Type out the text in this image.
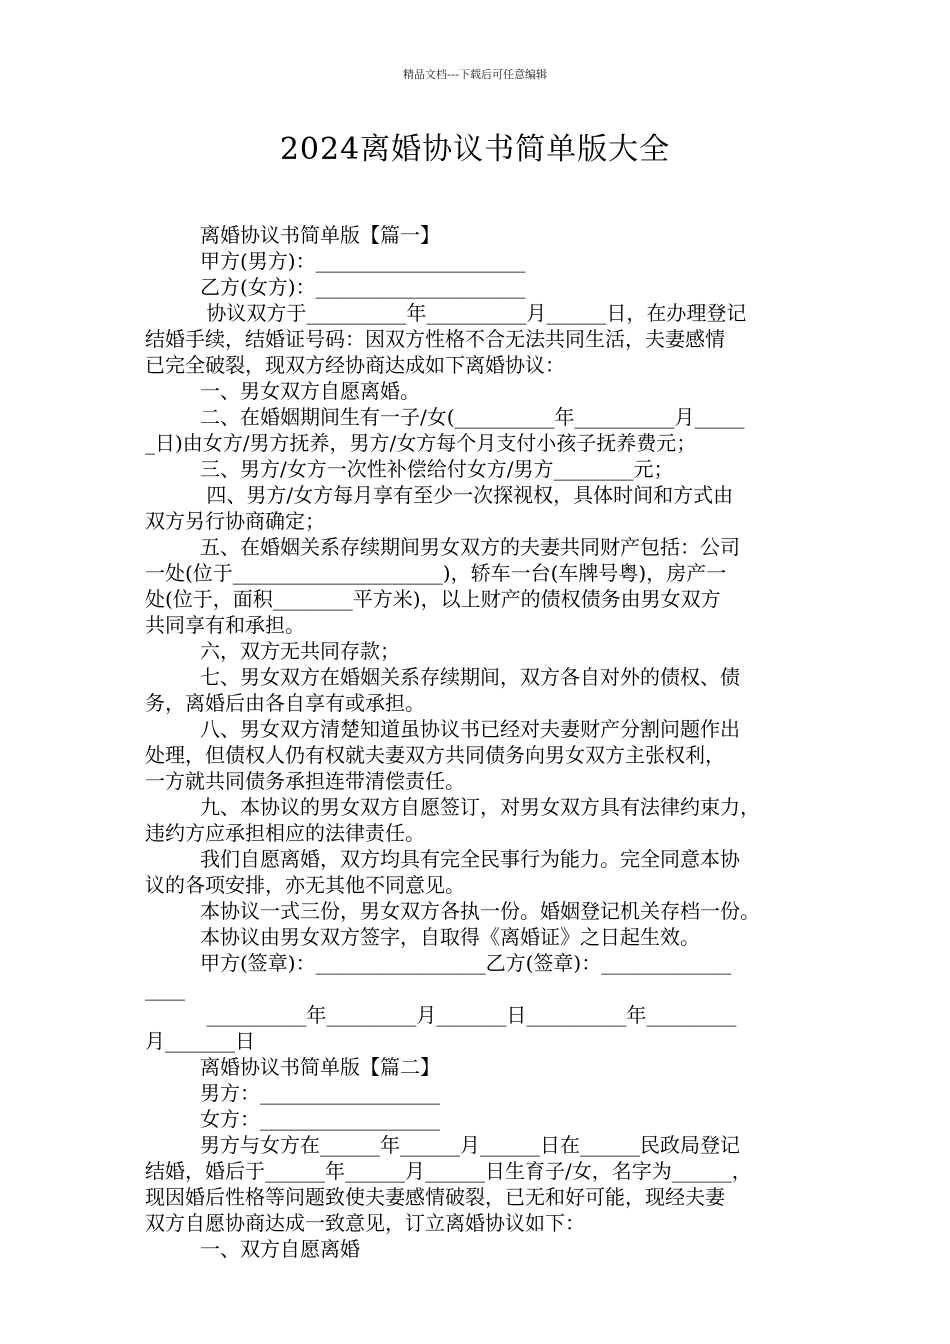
精品文档---下载后可任意编辑
2024离婚协议书简单版大全
离婚协议书简单版【篇一】
甲方(男方)：_____________________
乙方(女方)：_____________________
协议双方于__________年__________月______日，在办理登记
结婚手续，结婚证号码：因双方性格不合无法共同生活，夫妻感情
已完全破裂，现双方经协商达成如下离婚协议：
一、男女双方自愿离婚。
二、在婚姻期间生有一子/女(__________年__________月_____
_日)由女方/男方抚养，男方/女方每个月支付小孩子抚养费元；
三、男方/女方一次性补偿给付女方/男方________元；
四、男方/女方每月享有至少一次探视权，具体时间和方式由
双方另行协商确定；
五、在婚姻关系存续期间男女双方的夫妻共同财产包括：公司
一处(位于_____________________)，轿车一台(车牌号粤)，房产一
处(位于，面积________平方米)，以上财产的债权债务由男女双方
共同享有和承担。
六，双方无共同存款；
七、男女双方在婚姻关系存续期间，双方各自对外的债权、债
务，离婚后由各自享有或承担。
八、男女双方清楚知道虽协议书已经对夫妻财产分割问题作出
处理，但债权人仍有权就夫妻双方共同债务向男女双方主张权利，
一方就共同债务承担连带清偿责任。
九、本协议的男女双方自愿签订，对男女双方具有法律约束力，
违约方应承担相应的法律责任。
我们自愿离婚，双方均具有完全民事行为能力。完全同意本协
议的各项安排，亦无其他不同意见。
本协议一式三份，男女双方各执一份。婚姻登记机关存档一份。
本协议由男女双方签字，自取得《离婚证》之日起生效。
甲方(签章)：_________________乙方(签章)：_____________
____
__________年_________月_______日__________年_________
月_______日
离婚协议书简单版【篇二】
男方：__________________
女方：__________________
男方与女方在______年______月______日在______民政局登记
结婚，婚后于______年______月______日生育子/女，名字为______，
现因婚后性格等问题致使夫妻感情破裂，已无和好可能，现经夫妻
双方自愿协商达成一致意见，订立离婚协议如下：
一、双方自愿离婚
